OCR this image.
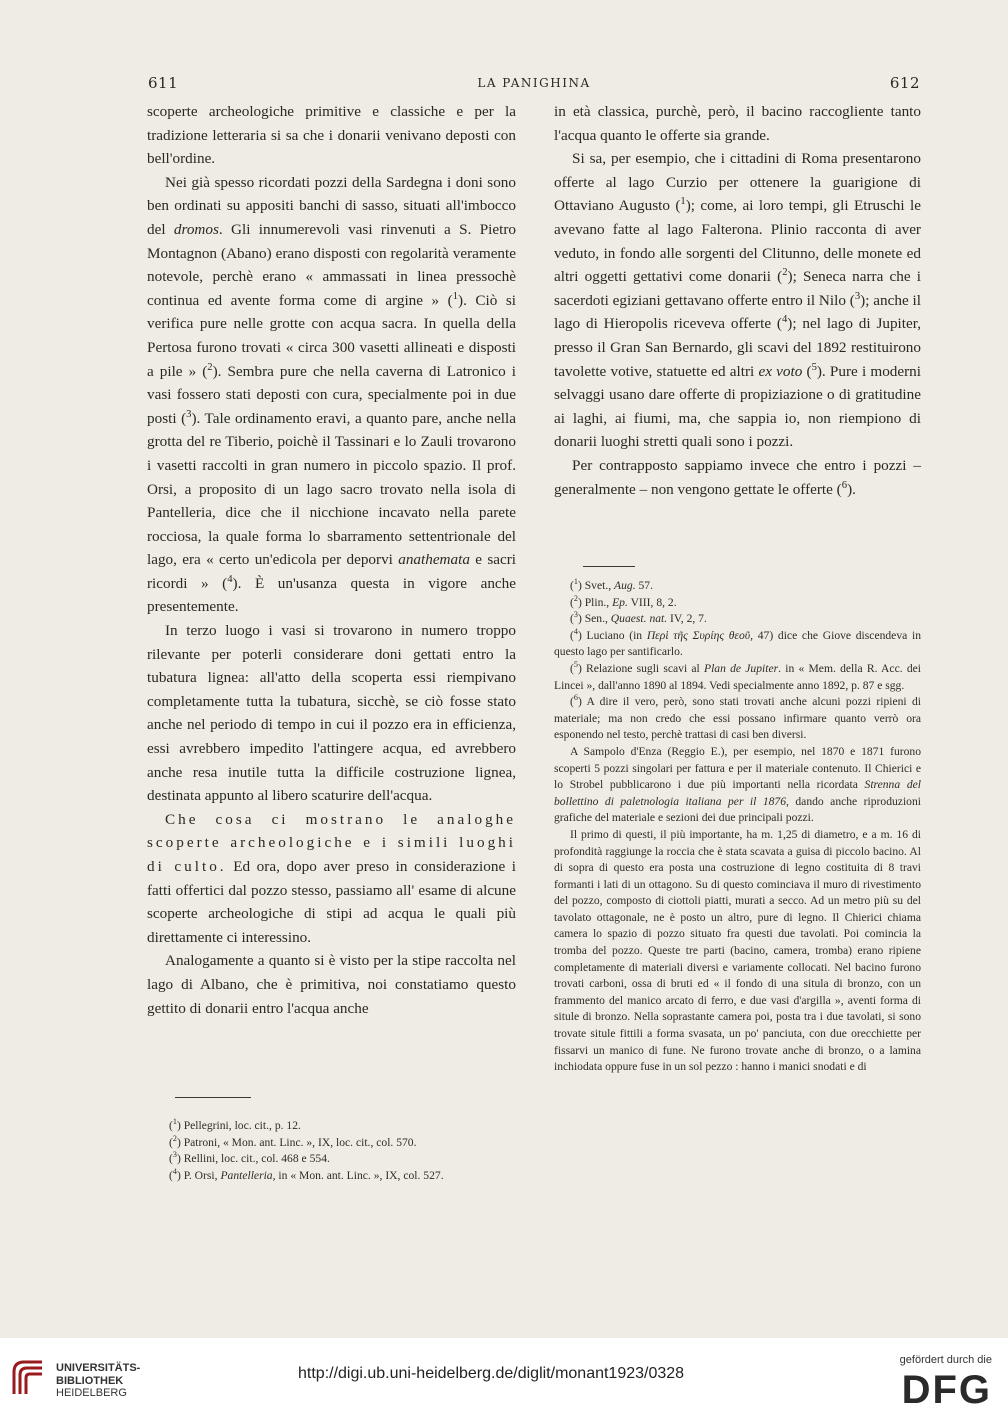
611	LA PANIGHINA	612

scoperte archeologiche primitive e classiche e per la tradizione letteraria si sa che i donarii venivano deposti con bell'ordine.

Nei già spesso ricordati pozzi della Sardegna i doni sono ben ordinati su appositi banchi di sasso, situati all'imbocco del dromos. Gli innumerevoli vasi rinvenuti a S. Pietro Montagnon (Abano) erano disposti con regolarità veramente notevole, perchè erano « ammassati in linea pressochè continua ed avente forma come di argine » ($^1$). Ciò si verifica pure nelle grotte con acqua sacra. In quella della Pertosa furono trovati « circa 300 vasetti allineati e disposti a pile » ($^2$). Sembra pure che nella caverna di Latronico i vasi fossero stati deposti con cura, specialmente poi in due posti ($^3$). Tale ordinamento eravi, a quanto pare, anche nella grotta del re Tiberio, poichè il Tassinari e lo Zauli trovarono i vasetti raccolti in gran numero in piccolo spazio. Il prof. Orsi, a proposito di un lago sacro trovato nella isola di Pantelleria, dice che il nicchione incavato nella parete rocciosa, la quale forma lo sbarramento settentrionale del lago, era « certo un'edicola per deporvi anathemata e sacri ricordi » ($^4$). È un'usanza questa in vigore anche presentemente.

In terzo luogo i vasi si trovarono in numero troppo rilevante per poterli considerare doni gettati entro la tubatura lignea: all'atto della scoperta essi riempivano completamente tutta la tubatura, sicchè, se ciò fosse stato anche nel periodo di tempo in cui il pozzo era in efficienza, essi avrebbero impedito l'attingere acqua, ed avrebbero anche resa inutile tutta la difficile costruzione lignea, destinata appunto al libero scaturire dell'acqua.

Che cosa ci mostrano le analoghe scoperte archeologiche e i simili luoghi di culto. Ed ora, dopo aver preso in considerazione i fatti offertici dal pozzo stesso, passiamo all' esame di alcune scoperte archeologiche di stipi ad acqua le quali più direttamente ci interessino.

Analogamente a quanto si è visto per la stipe raccolta nel lago di Albano, che è primitiva, noi constatiamo questo gettito di donarii entro l'acqua anche

($^1$) Pellegrini, loc. cit., p. 12.

($^2$) Patroni, « Mon. ant. Linc. », IX, loc. cit., col. 570.

($^3$) Rellini, loc. cit., col. 468 e 554.

($^4$) P. Orsi, Pantelleria, in « Mon. ant. Linc. », IX, col. 527.

in età classica, purchè, però, il bacino raccogliente tanto l'acqua quanto le offerte sia grande.

Si sa, per esempio, che i cittadini di Roma presentarono offerte al lago Curzio per ottenere la guarigione di Ottaviano Augusto ($^1$); come, ai loro tempi, gli Etruschi le avevano fatte al lago Falterona. Plinio racconta di aver veduto, in fondo alle sorgenti del Clitunno, delle monete ed altri oggetti gettativi come donarii ($^2$); Seneca narra che i sacerdoti egiziani gettavano offerte entro il Nilo ($^3$); anche il lago di Hieropolis riceveva offerte ($^4$); nel lago di Jupiter, presso il Gran San Bernardo, gli scavi del 1892 restituirono tavolette votive, statuette ed altri ex voto ($^5$). Pure i moderni selvaggi usano dare offerte di propiziazione o di gratitudine ai laghi, ai fiumi, ma, che sappia io, non riempiono di donarii luoghi stretti quali sono i pozzi.

Per contrapposto sappiamo invece che entro i pozzi – generalmente – non vengono gettate le offerte ($^6$).

($^1$) Svet., Aug. 57.

($^2$) Plin., Ep. VIII, 8, 2.

($^3$) Sen., Quaest. nat. IV, 2, 7.

($^4$) Luciano (in Περὶ τῆς Συρίης θεοῦ, 47) dice che Giove discendeva in questo lago per santificarlo.

($^5$) Relazione sugli scavi al Plan de Jupiter. in « Mem. della R. Acc. dei Lincei », dall'anno 1890 al 1894. Vedi specialmente anno 1892, p. 87 e sgg.

($^6$) A dire il vero, però, sono stati trovati anche alcuni pozzi ripieni di materiale; ma non credo che essi possano infirmare quanto verrò ora esponendo nel testo, perchè trattasi di casi ben diversi.

A Sampolo d'Enza (Reggio E.), per esempio, nel 1870 e 1871 furono scoperti 5 pozzi singolari per fattura e per il materiale contenuto. Il Chierici e lo Strobel pubblicarono i due più importanti nella ricordata Strenna del bollettino di paletnologia italiana per il 1876, dando anche riproduzioni grafiche del materiale e sezioni dei due principali pozzi.

Il primo di questi, il più importante, ha m. 1,25 di diametro, e a m. 16 di profondità raggiunge la roccia che è stata scavata a guisa di piccolo bacino. Al di sopra di questo era posta una costruzione di legno costituita di 8 travi formanti i lati di un ottagono. Su di questo cominciava il muro di rivestimento del pozzo, composto di ciottoli piatti, murati a secco. Ad un metro più su del tavolato ottagonale, ne è posto un altro, pure di legno. Il Chierici chiama camera lo spazio di pozzo situato fra questi due tavolati. Poi comincia la tromba del pozzo. Queste tre parti (bacino, camera, tromba) erano ripiene completamente di materiali diversi e variamente collocati. Nel bacino furono trovati carboni, ossa di bruti ed « il fondo di una situla di bronzo, con un frammento del manico arcato di ferro, e due vasi d'argilla », aventi forma di situle di bronzo. Nella soprastante camera poi, posta tra i due tavolati, si sono trovate situle fittili a forma svasata, un po' panciuta, con due orecchiette per fissarvi un manico di fune. Ne furono trovate anche di bronzo, o a lamina inchiodata oppure fuse in un sol pezzo : hanno i manici snodati e di

UNIVERSITÄTS-
BIBLIOTHEK
HEIDELBERG
http://digi.ub.uni-heidelberg.de/diglit/monant1923/0328
gefördert durch die
DFG
